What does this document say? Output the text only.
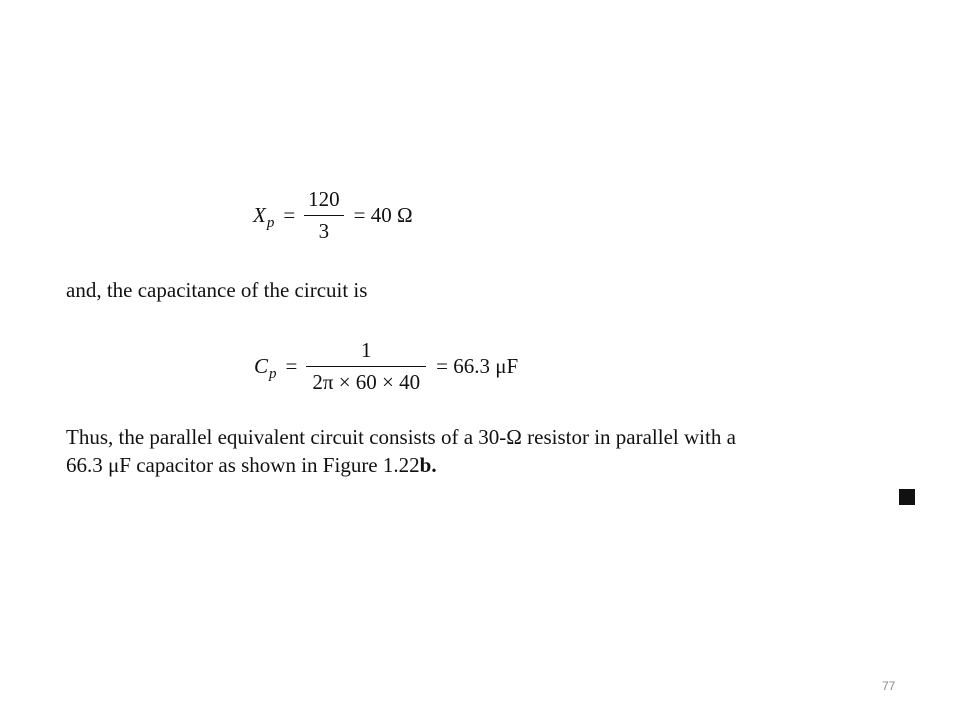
X $p = \frac{120}{3} = 40$ Ω

and, the capacitance of the circuit is

C $p = \frac{1}{2\pi \times 60 \times 40} = 66.3$ μF

Thus, the parallel equivalent circuit consists of a 30-Ω resistor in parallel with a
66.3 μF capacitor as shown in Figure 1.22b.

77
